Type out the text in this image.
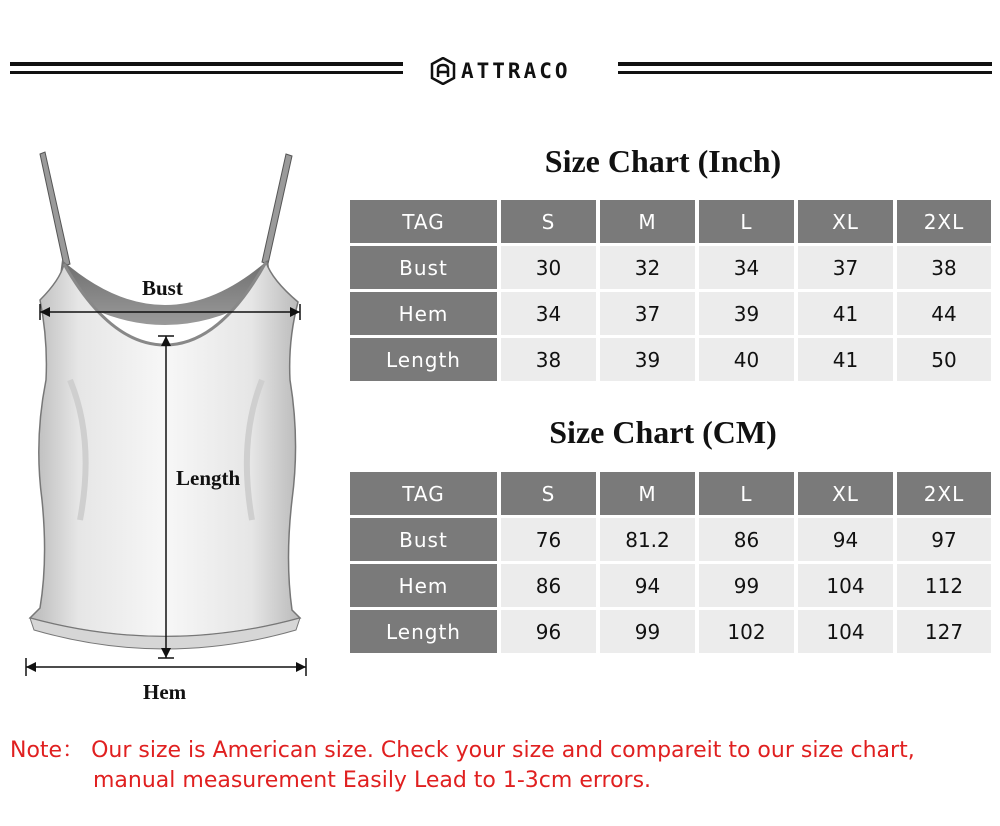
ATTRACO
Bust
Length
Hem
Size Chart (Inch)
TAG	S	M	L	XL	2XL
Bust	30	32	34	37	38
Hem	34	37	39	41	44
Length	38	39	40	41	50
Size Chart (CM)
TAG	S	M	L	XL	2XL
Bust	76	81.2	86	94	97
Hem	86	94	99	104	112
Length	96	99	102	104	127
Note： Our size is American size. Check your size and compareit to our size chart,
manual measurement Easily Lead to 1-3cm errors.
